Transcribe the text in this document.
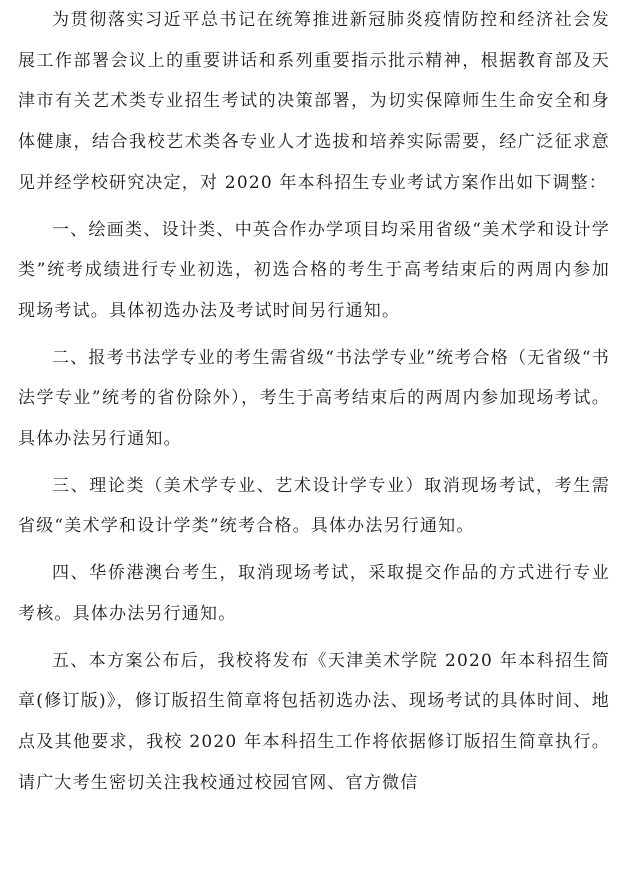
为贯彻落实习近平总书记在统筹推进新冠肺炎疫情防控和经济社会发展工作部署会议上的重要讲话和系列重要指示批示精神，根据教育部及天津市有关艺术类专业招生考试的决策部署，为切实保障师生生命安全和身体健康，结合我校艺术类各专业人才选拔和培养实际需要，经广泛征求意见并经学校研究决定，对 2020 年本科招生专业考试方案作出如下调整：

一、绘画类、设计类、中英合作办学项目均采用省级“美术学和设计学类”统考成绩进行专业初选，初选合格的考生于高考结束后的两周内参加现场考试。具体初选办法及考试时间另行通知。

二、报考书法学专业的考生需省级“书法学专业”统考合格（无省级“书法学专业”统考的省份除外），考生于高考结束后的两周内参加现场考试。具体办法另行通知。

三、理论类（美术学专业、艺术设计学专业）取消现场考试，考生需省级“美术学和设计学类”统考合格。具体办法另行通知。

四、华侨港澳台考生，取消现场考试，采取提交作品的方式进行专业考核。具体办法另行通知。

五、本方案公布后，我校将发布《天津美术学院 2020 年本科招生简章(修订版)》，修订版招生简章将包括初选办法、现场考试的具体时间、地点及其他要求，我校 2020 年本科招生工作将依据修订版招生简章执行。请广大考生密切关注我校通过校园官网、官方微信
